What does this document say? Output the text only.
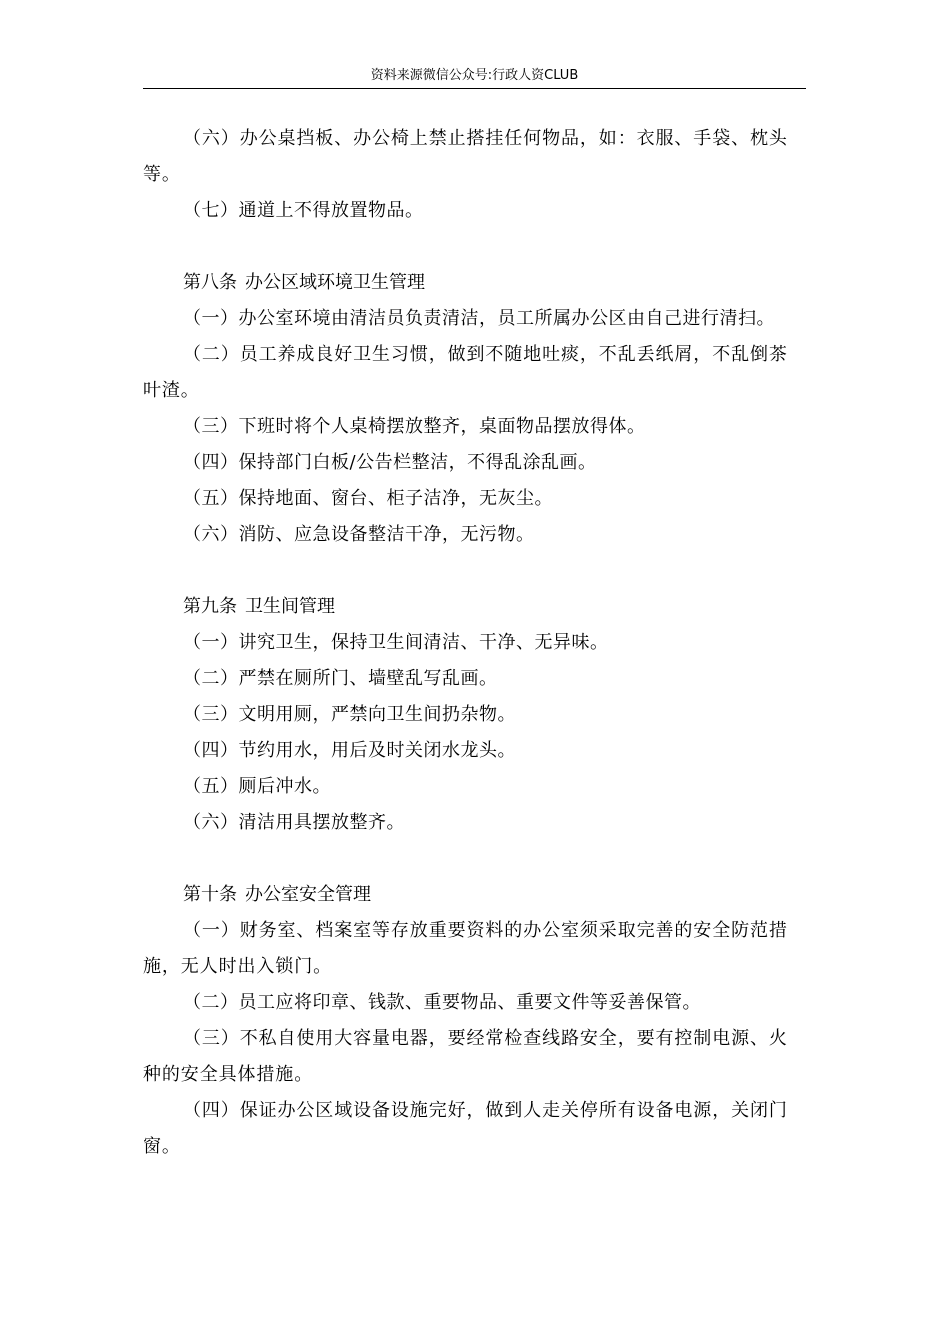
资料来源微信公众号:行政人资CLUB

（六）办公桌挡板、办公椅上禁止搭挂任何物品，如：衣服、手袋、枕头等。

（七）通道上不得放置物品。

第八条 办公区域环境卫生管理

（一）办公室环境由清洁员负责清洁，员工所属办公区由自己进行清扫。

（二）员工养成良好卫生习惯，做到不随地吐痰，不乱丢纸屑，不乱倒茶叶渣。

（三）下班时将个人桌椅摆放整齐，桌面物品摆放得体。

（四）保持部门白板/公告栏整洁，不得乱涂乱画。

（五）保持地面、窗台、柜子洁净，无灰尘。

（六）消防、应急设备整洁干净，无污物。

第九条 卫生间管理

（一）讲究卫生，保持卫生间清洁、干净、无异味。

（二）严禁在厕所门、墙壁乱写乱画。

（三）文明用厕，严禁向卫生间扔杂物。

（四）节约用水，用后及时关闭水龙头。

（五）厕后冲水。

（六）清洁用具摆放整齐。

第十条 办公室安全管理

（一）财务室、档案室等存放重要资料的办公室须采取完善的安全防范措施，无人时出入锁门。

（二）员工应将印章、钱款、重要物品、重要文件等妥善保管。

（三）不私自使用大容量电器，要经常检查线路安全，要有控制电源、火种的安全具体措施。

（四）保证办公区域设备设施完好，做到人走关停所有设备电源，关闭门窗。
